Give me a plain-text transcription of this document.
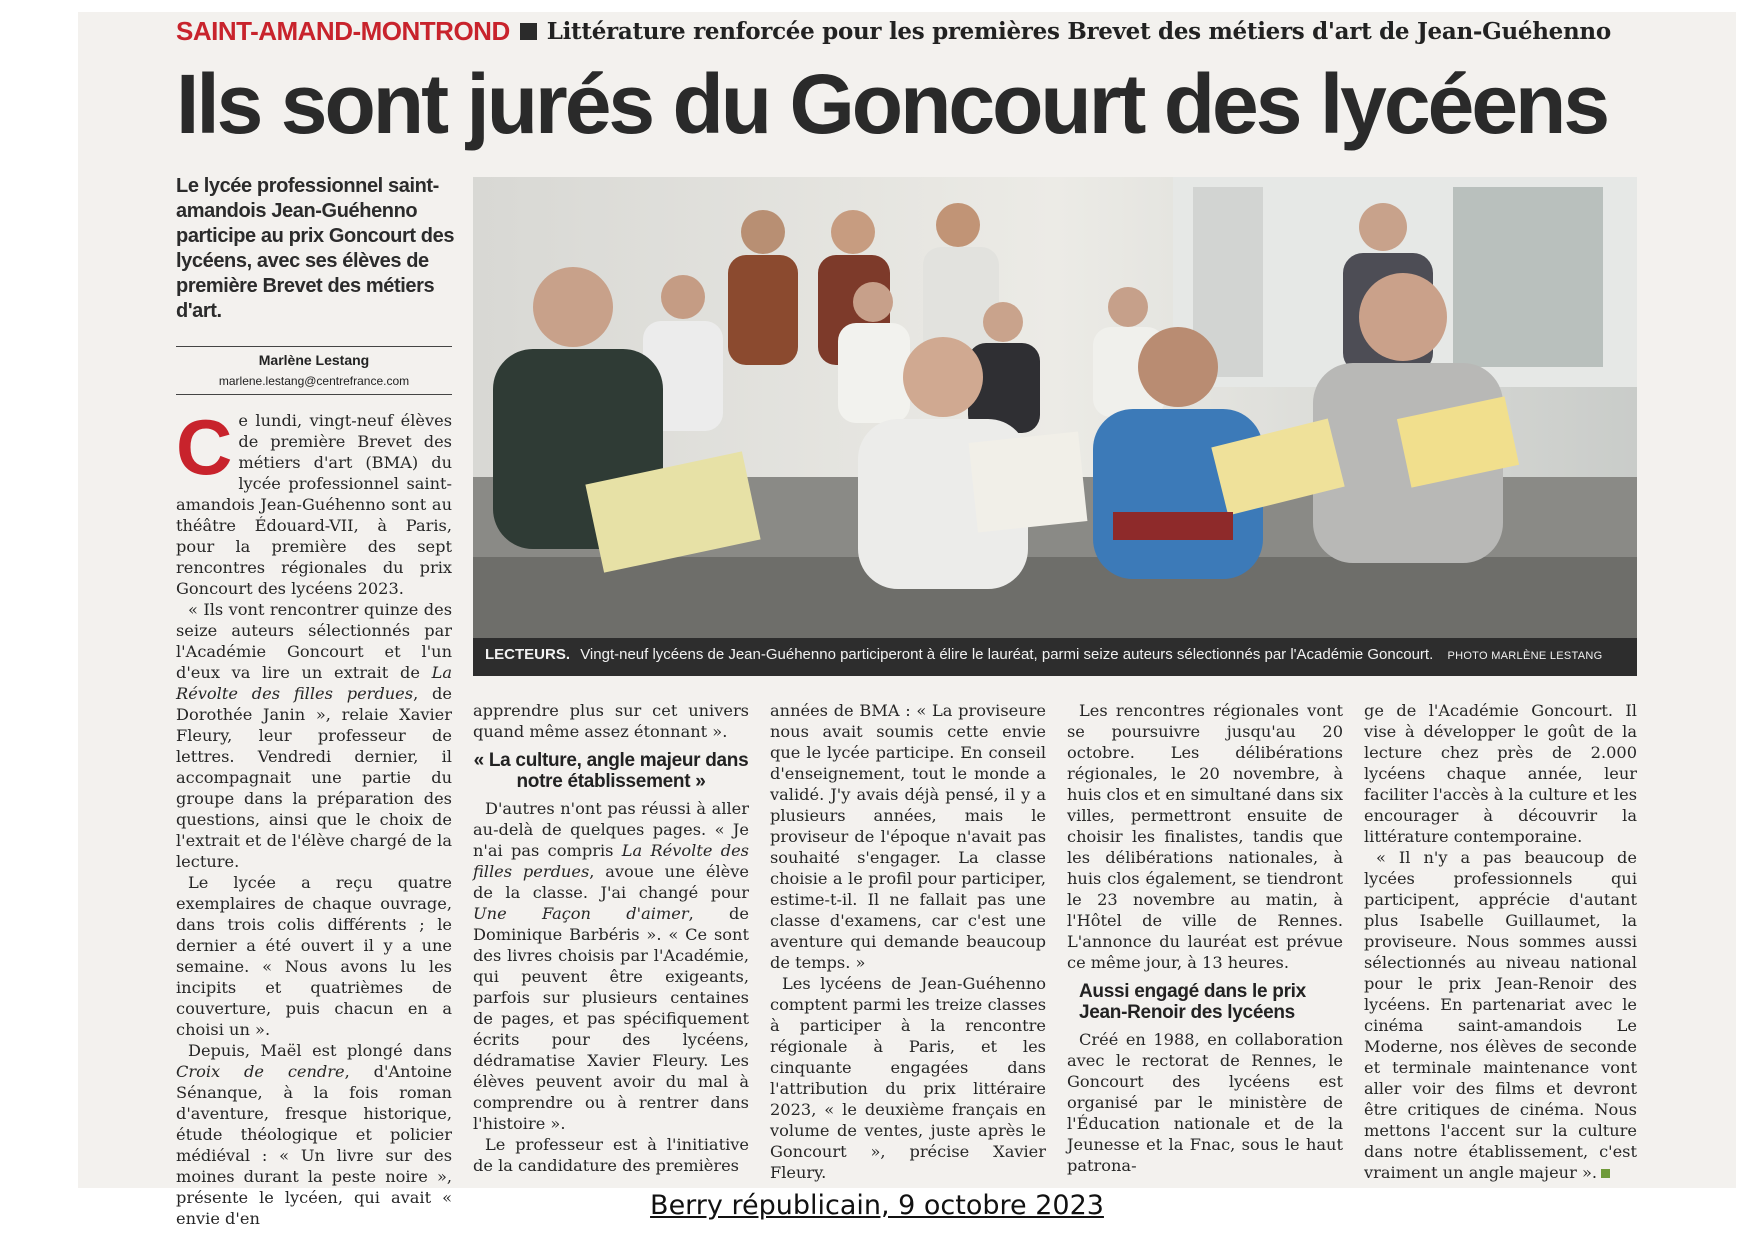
SAINT-AMAND-MONTROND Littérature renforcée pour les premières Brevet des métiers d'art de Jean-Guéhenno
Ils sont jurés du Goncourt des lycéens
Le lycée professionnel saint-amandois Jean-Guéhenno participe au prix Goncourt des lycéens, avec ses élèves de première Brevet des métiers d'art.
Marlène Lestang
marlene.lestang@centrefrance.com
LECTEURS. Vingt-neuf lycéens de Jean-Guéhenno participeront à élire le lauréat, parmi seize auteurs sélectionnés par l'Académie Goncourt. PHOTO MARLÈNE LESTANG

Ce lundi, vingt-neuf élèves de première Brevet des métiers d'art (BMA) du lycée professionnel saint-amandois Jean-Guéhenno sont au théâtre Édouard-VII, à Paris, pour la première des sept rencontres régionales du prix Goncourt des lycéens 2023.

« Ils vont rencontrer quinze des seize auteurs sélectionnés par l'Académie Goncourt et l'un d'eux va lire un extrait de La Révolte des filles perdues, de Dorothée Janin », relaie Xavier Fleury, leur professeur de lettres. Vendredi dernier, il accompagnait une partie du groupe dans la préparation des questions, ainsi que le choix de l'extrait et de l'élève chargé de la lecture.

Le lycée a reçu quatre exemplaires de chaque ouvrage, dans trois colis différents ; le dernier a été ouvert il y a une semaine. « Nous avons lu les incipits et quatrièmes de couverture, puis chacun en a choisi un ».

Depuis, Maël est plongé dans Croix de cendre, d'Antoine Sénanque, à la fois roman d'aventure, fresque historique, étude théologique et policier médiéval : « Un livre sur des moines durant la peste noire », présente le lycéen, qui avait « envie d'en

apprendre plus sur cet univers quand même assez étonnant ».

« La culture, angle majeur dans notre établissement »

D'autres n'ont pas réussi à aller au-delà de quelques pages. « Je n'ai pas compris La Révolte des filles perdues, avoue une élève de la classe. J'ai changé pour Une Façon d'aimer, de Dominique Barbéris ». « Ce sont des livres choisis par l'Académie, qui peuvent être exigeants, parfois sur plusieurs centaines de pages, et pas spécifiquement écrits pour des lycéens, dédramatise Xavier Fleury. Les élèves peuvent avoir du mal à comprendre ou à rentrer dans l'histoire ».

Le professeur est à l'initiative de la candidature des premières

années de BMA : « La proviseure nous avait soumis cette envie que le lycée participe. En conseil d'enseignement, tout le monde a validé. J'y avais déjà pensé, il y a plusieurs années, mais le proviseur de l'époque n'avait pas souhaité s'engager. La classe choisie a le profil pour participer, estime-t-il. Il ne fallait pas une classe d'examens, car c'est une aventure qui demande beaucoup de temps. »

Les lycéens de Jean-Guéhenno comptent parmi les treize classes à participer à la rencontre régionale à Paris, et les cinquante engagées dans l'attribution du prix littéraire 2023, « le deuxième français en volume de ventes, juste après le Goncourt », précise Xavier Fleury.

Les rencontres régionales vont se poursuivre jusqu'au 20 octobre. Les délibérations régionales, le 20 novembre, à huis clos et en simultané dans six villes, permettront ensuite de choisir les finalistes, tandis que les délibérations nationales, à huis clos également, se tiendront le 23 novembre au matin, à l'Hôtel de ville de Rennes. L'annonce du lauréat est prévue ce même jour, à 13 heures.

Aussi engagé dans le prix Jean-Renoir des lycéens

Créé en 1988, en collaboration avec le rectorat de Rennes, le Goncourt des lycéens est organisé par le ministère de l'Éducation nationale et de la Jeunesse et la Fnac, sous le haut patrona-

ge de l'Académie Goncourt. Il vise à développer le goût de la lecture chez près de 2.000 lycéens chaque année, leur faciliter l'accès à la culture et les encourager à découvrir la littérature contemporaine.

« Il n'y a pas beaucoup de lycées professionnels qui participent, apprécie d'autant plus Isabelle Guillaumet, la proviseure. Nous sommes aussi sélectionnés au niveau national pour le prix Jean-Renoir des lycéens. En partenariat avec le cinéma saint-amandois Le Moderne, nos élèves de seconde et terminale maintenance vont aller voir des films et devront être critiques de cinéma. Nous mettons l'accent sur la culture dans notre établissement, c'est vraiment un angle majeur ».

Berry républicain, 9 octobre 2023
